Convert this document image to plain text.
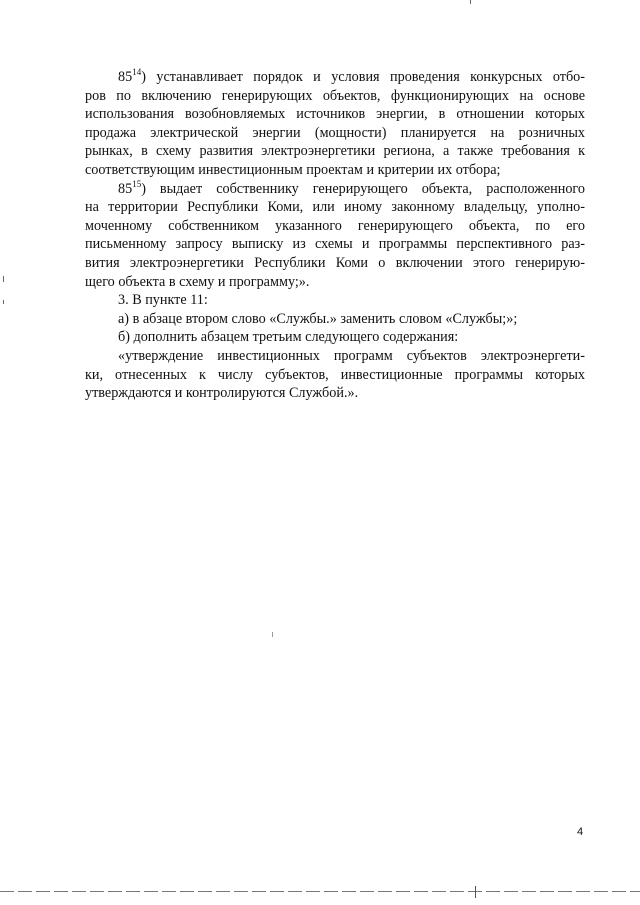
$85^{14}$) устанавливает порядок и условия проведения конкурсных отбо-
ров по включению генерирующих объектов, функционирующих на основе
использования возобновляемых источников энергии, в отношении которых
продажа электрической энергии (мощности) планируется на розничных
рынках, в схему развития электроэнергетики региона, а также требования к
соответствующим инвестиционным проектам и критерии их отбора;
$85^{15}$) выдает собственнику генерирующего объекта, расположенного
на территории Республики Коми, или иному законному владельцу, уполно-
моченному собственником указанного генерирующего объекта, по его
письменному запросу выписку из схемы и программы перспективного раз-
вития электроэнергетики Республики Коми о включении этого генерирую-
щего объекта в схему и программу;».
3. В пункте 11:
а) в абзаце втором слово «Службы.» заменить словом «Службы;»;
б) дополнить абзацем третьим следующего содержания:
«утверждение инвестиционных программ субъектов электроэнергети-
ки, отнесенных к числу субъектов, инвестиционные программы которых
утверждаются и контролируются Службой.».
4
